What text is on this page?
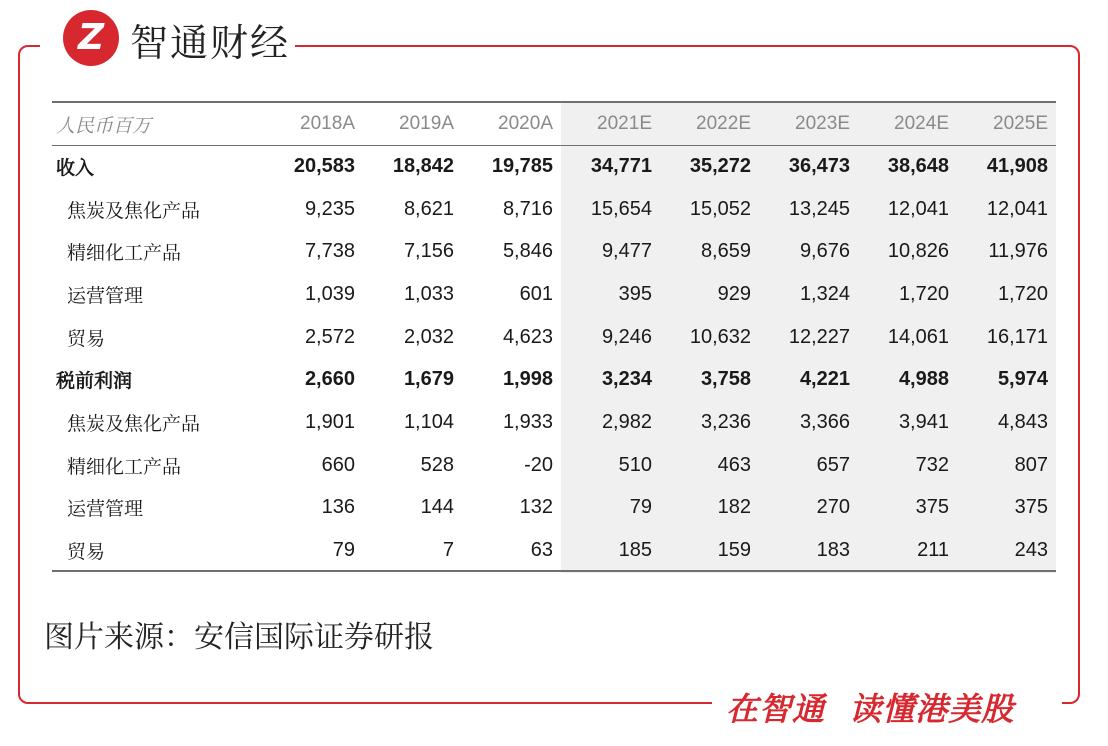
Z 智通财经
人民币百万	2018A	2019A	2020A	2021E	2022E	2023E	2024E	2025E
收入	20,583	18,842	19,785	34,771	35,272	36,473	38,648	41,908
焦炭及焦化产品	9,235	8,621	8,716	15,654	15,052	13,245	12,041	12,041
精细化工产品	7,738	7,156	5,846	9,477	8,659	9,676	10,826	11,976
运营管理	1,039	1,033	601	395	929	1,324	1,720	1,720
贸易	2,572	2,032	4,623	9,246	10,632	12,227	14,061	16,171
税前利润	2,660	1,679	1,998	3,234	3,758	4,221	4,988	5,974
焦炭及焦化产品	1,901	1,104	1,933	2,982	3,236	3,366	3,941	4,843
精细化工产品	660	528	-20	510	463	657	732	807
运营管理	136	144	132	79	182	270	375	375
贸易	79	7	63	185	159	183	211	243
图片来源：安信国际证券研报
在智通  读懂港美股
